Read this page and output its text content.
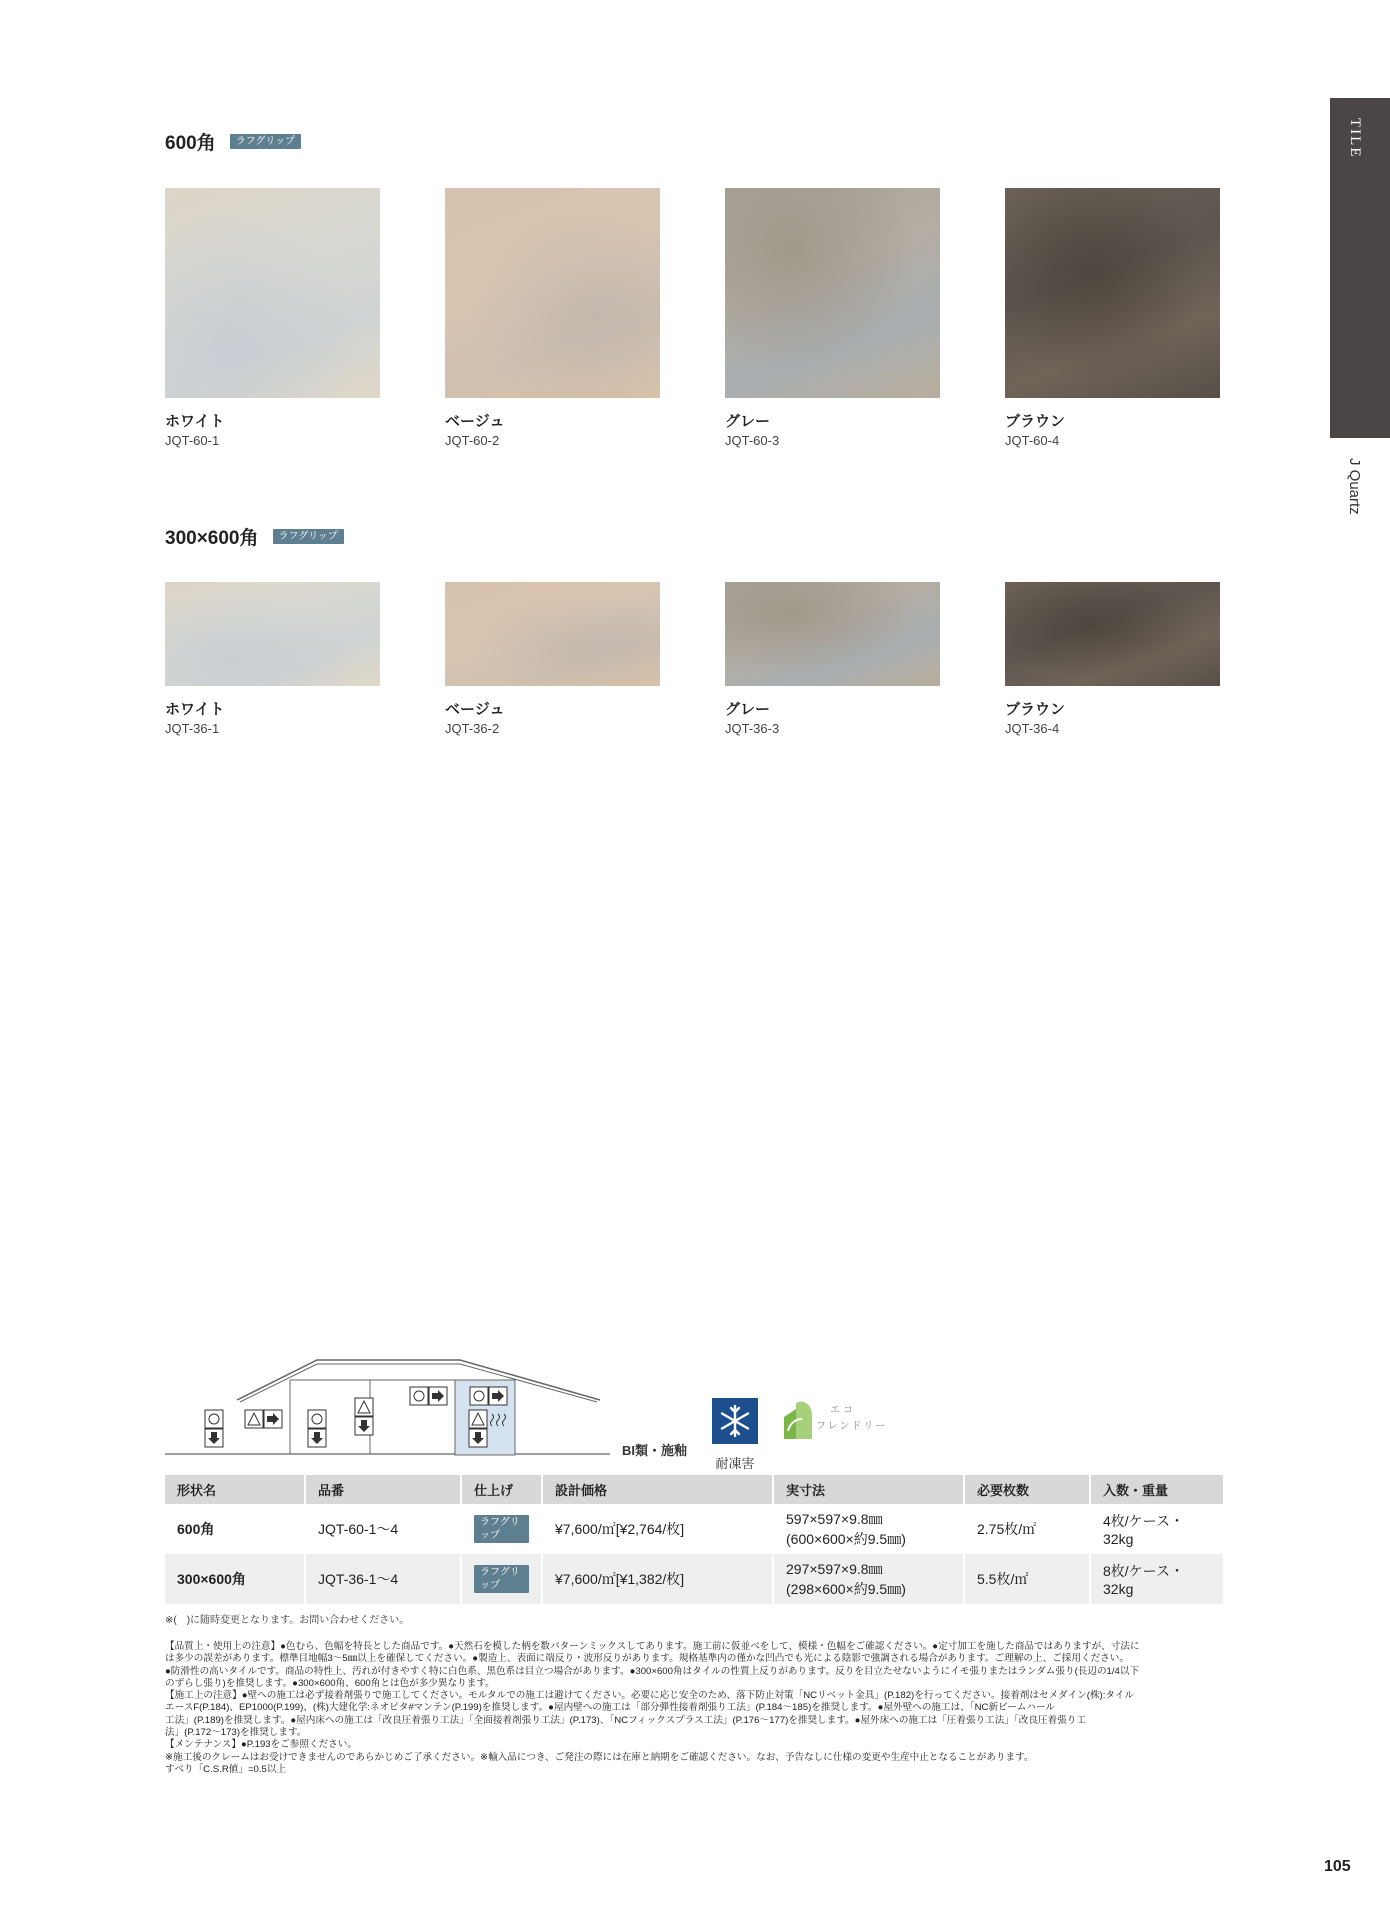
TILE
J Quartz
600角	ラフグリップ
ホワイト
JQT-60-1
ベージュ
JQT-60-2
グレー
JQT-60-3
ブラウン
JQT-60-4
300×600角	ラフグリップ
ホワイト
JQT-36-1
ベージュ
JQT-36-2
グレー
JQT-36-3
ブラウン
JQT-36-4
BI類・施釉
耐凍害
エコ
フレンドリー
形状名	品番	仕上げ	設計価格	実寸法	必要枚数	入数・重量
600角	JQT-60-1～4	ラフグリップ	¥7,600/㎡[¥2,764/枚]	597×597×9.8㎜
(600×600×約9.5㎜)	2.75枚/㎡	4枚/ケース・32kg
300×600角	JQT-36-1～4	ラフグリップ	¥7,600/㎡[¥1,382/枚]	297×597×9.8㎜
(298×600×約9.5㎜)	5.5枚/㎡	8枚/ケース・32kg
※(　)に随時変更となります。お問い合わせください。
【品質上・使用上の注意】●色むら、色幅を特長とした商品です。●天然石を模した柄を数パターンミックスしてあります。施工前に仮並べをして、模様・色幅をご確認ください。●定寸加工を施した商品ではありますが、寸法に
は多少の誤差があります。標準目地幅3～5㎜以上を確保してください。●製造上、表面に端反り・波形反りがあります。規格基準内の僅かな凹凸でも光による陰影で強調される場合があります。ご理解の上、ご採用ください。
●防滑性の高いタイルです。商品の特性上、汚れが付きやすく特に白色系、黒色系は目立つ場合があります。●300×600角はタイルの性質上反りがあります。反りを目立たせないようにイモ張りまたはランダム張り(長辺の1/4以下
のずらし張り)を推奨します。●300×600角、600角とは色が多少異なります。
【施工上の注意】●壁への施工は必ず接着剤張りで施工してください。モルタルでの施工は避けてください。必要に応じ安全のため、落下防止対策「NCリベット金具」(P.182)を行ってください。接着剤はセメダイン(株):タイル
エースF(P.184)、EP1000(P.199)、(株)大建化学:ネオピタ#マンテン(P.199)を推奨します。●屋内壁への施工は「部分弾性接着剤張り工法」(P.184～185)を推奨します。●屋外壁への施工は、「NC新ビームハール
工法」(P.189)を推奨します。●屋内床への施工は「改良圧着張り工法」「全面接着剤張り工法」(P.173)、「NCフィックスプラス工法」(P.176～177)を推奨します。●屋外床への施工は「圧着張り工法」「改良圧着張り工
法」(P.172～173)を推奨します。
【メンテナンス】●P.193をご参照ください。
※施工後のクレームはお受けできませんのであらかじめご了承ください。※輸入品につき、ご発注の際には在庫と納期をご確認ください。なお、予告なしに仕様の変更や生産中止となることがあります。
すべり「C.S.R値」=0.5以上
105
